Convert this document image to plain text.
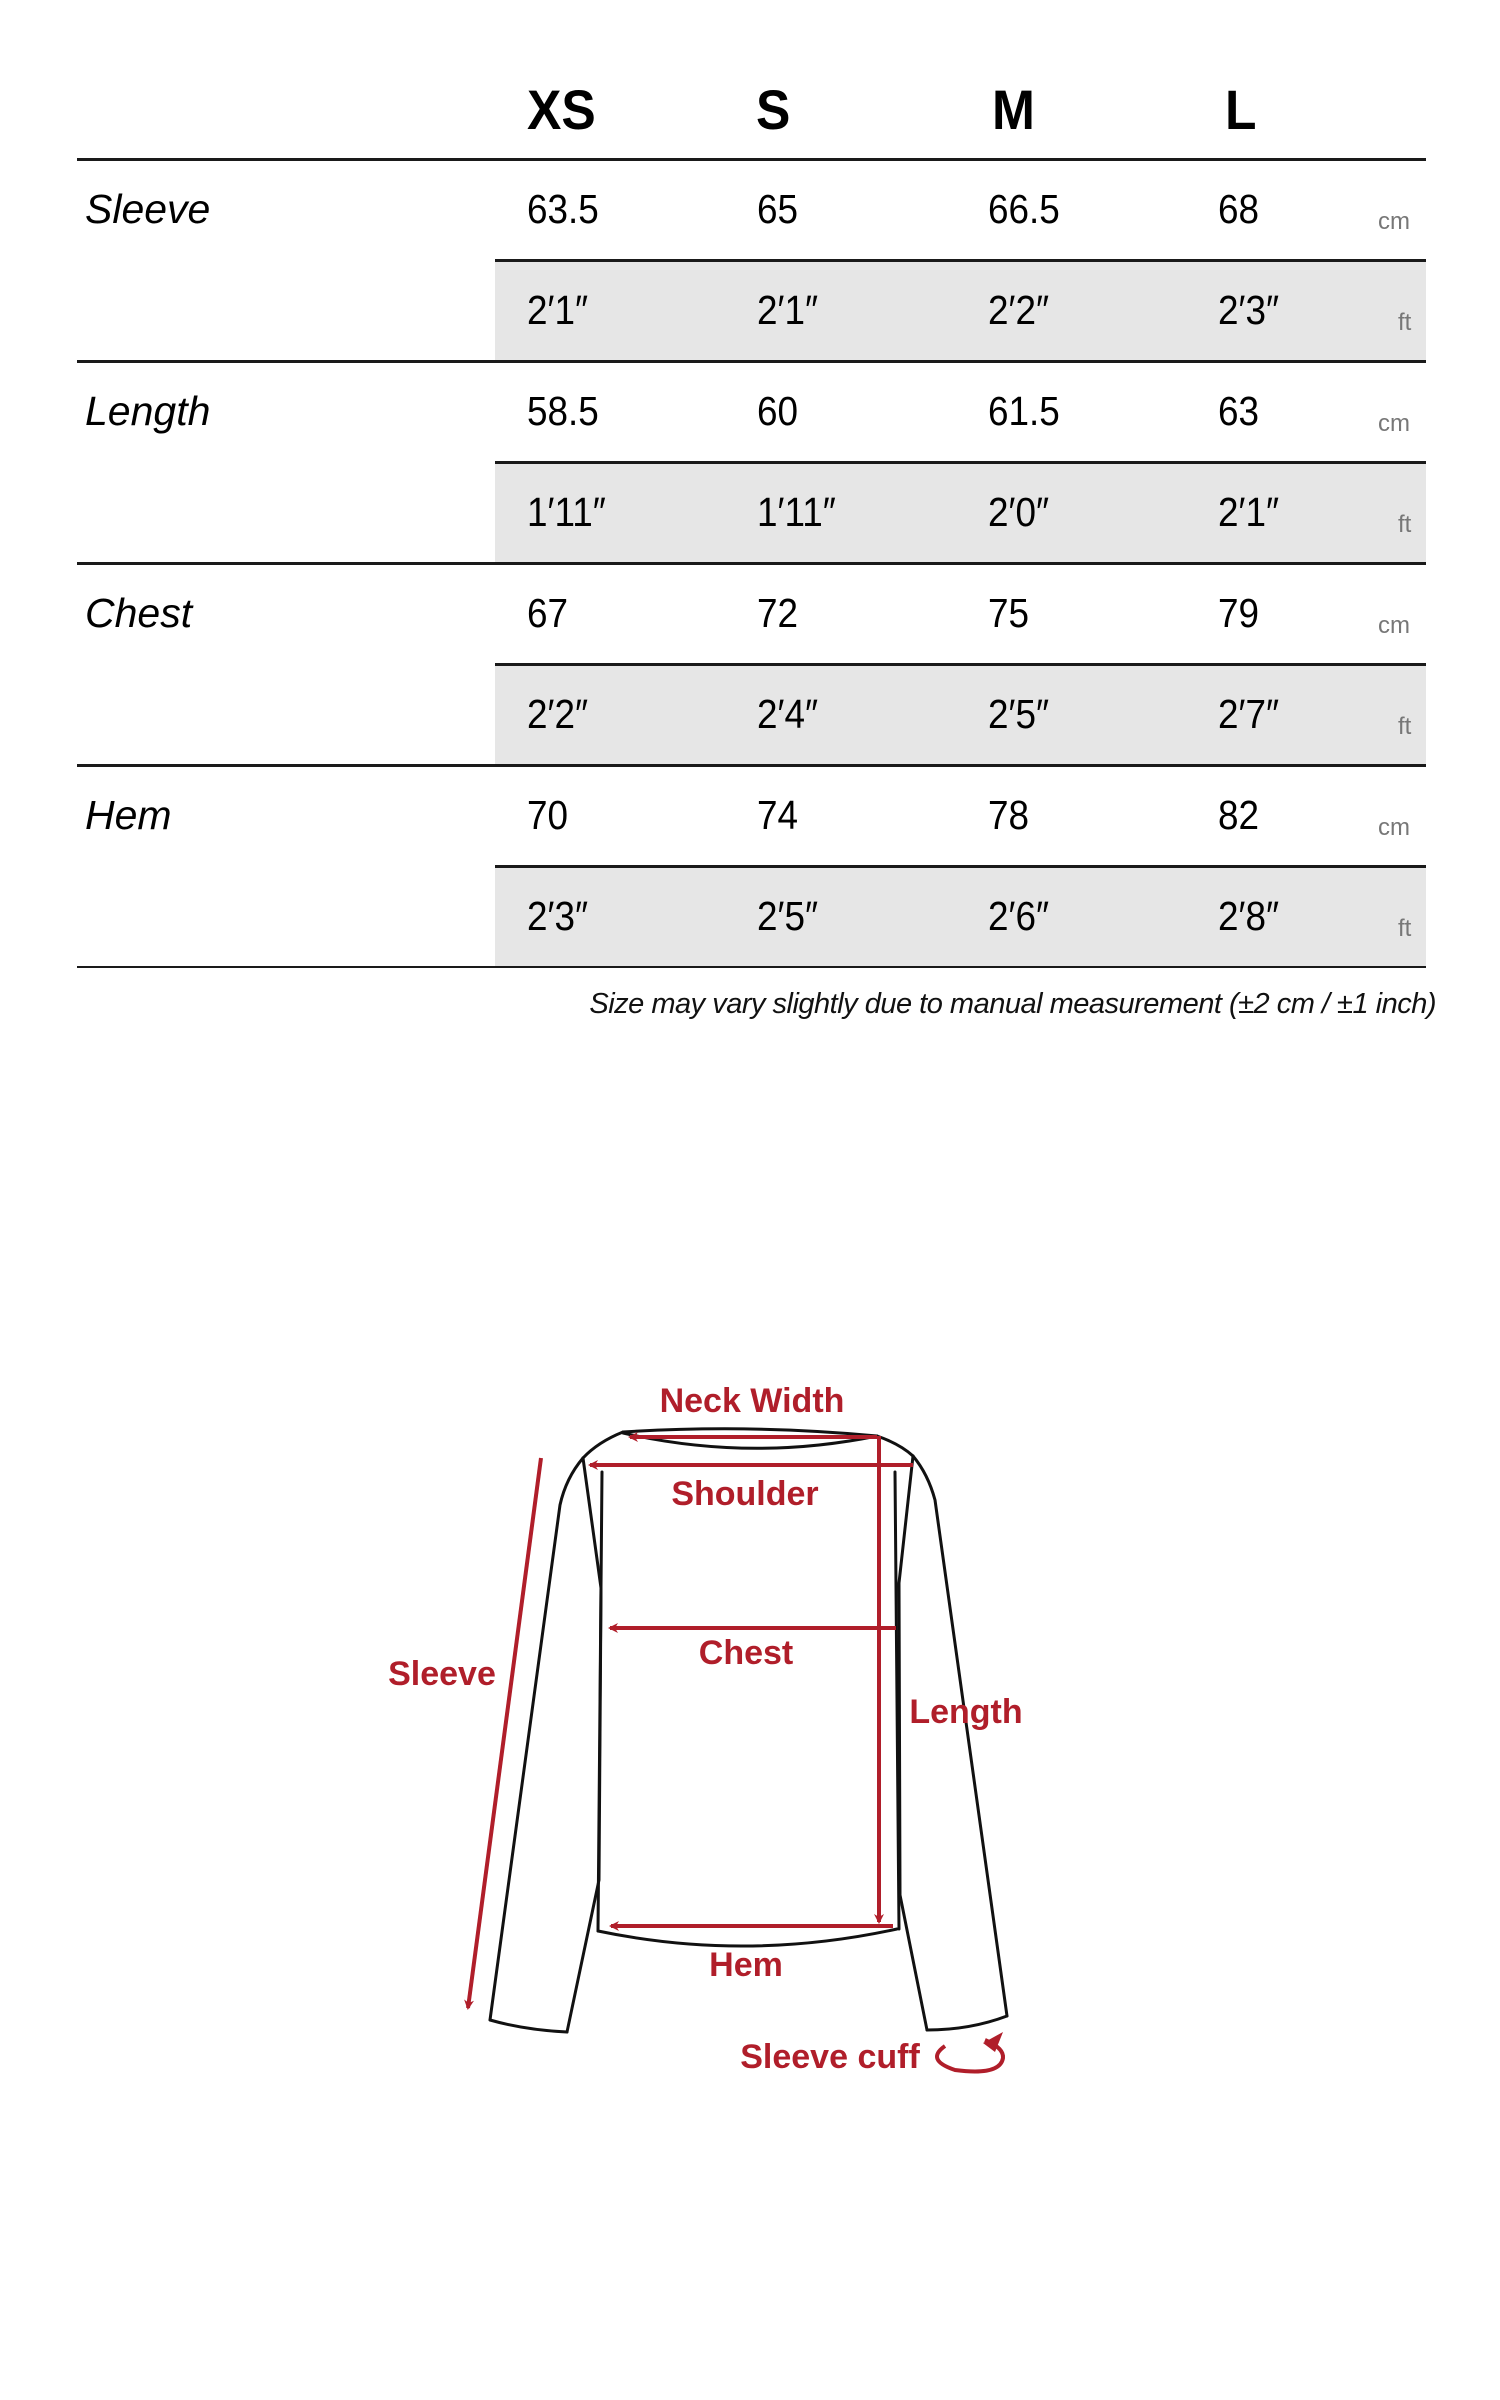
XS	S	M	L
Sleeve	63.5	65	66.5	68	cm
2′1″	2′1″	2′2″	2′3″	ft
Length	58.5	60	61.5	63	cm
1′11″	1′11″	2′0″	2′1″	ft
Chest	67	72	75	79	cm
2′2″	2′4″	2′5″	2′7″	ft
Hem	70	74	78	82	cm
2′3″	2′5″	2′6″	2′8″	ft
Size may vary slightly due to manual measurement (±2 cm / ±1 inch)
Neck Width
Shoulder
Chest
Length
Sleeve
Hem
Sleeve cuff
